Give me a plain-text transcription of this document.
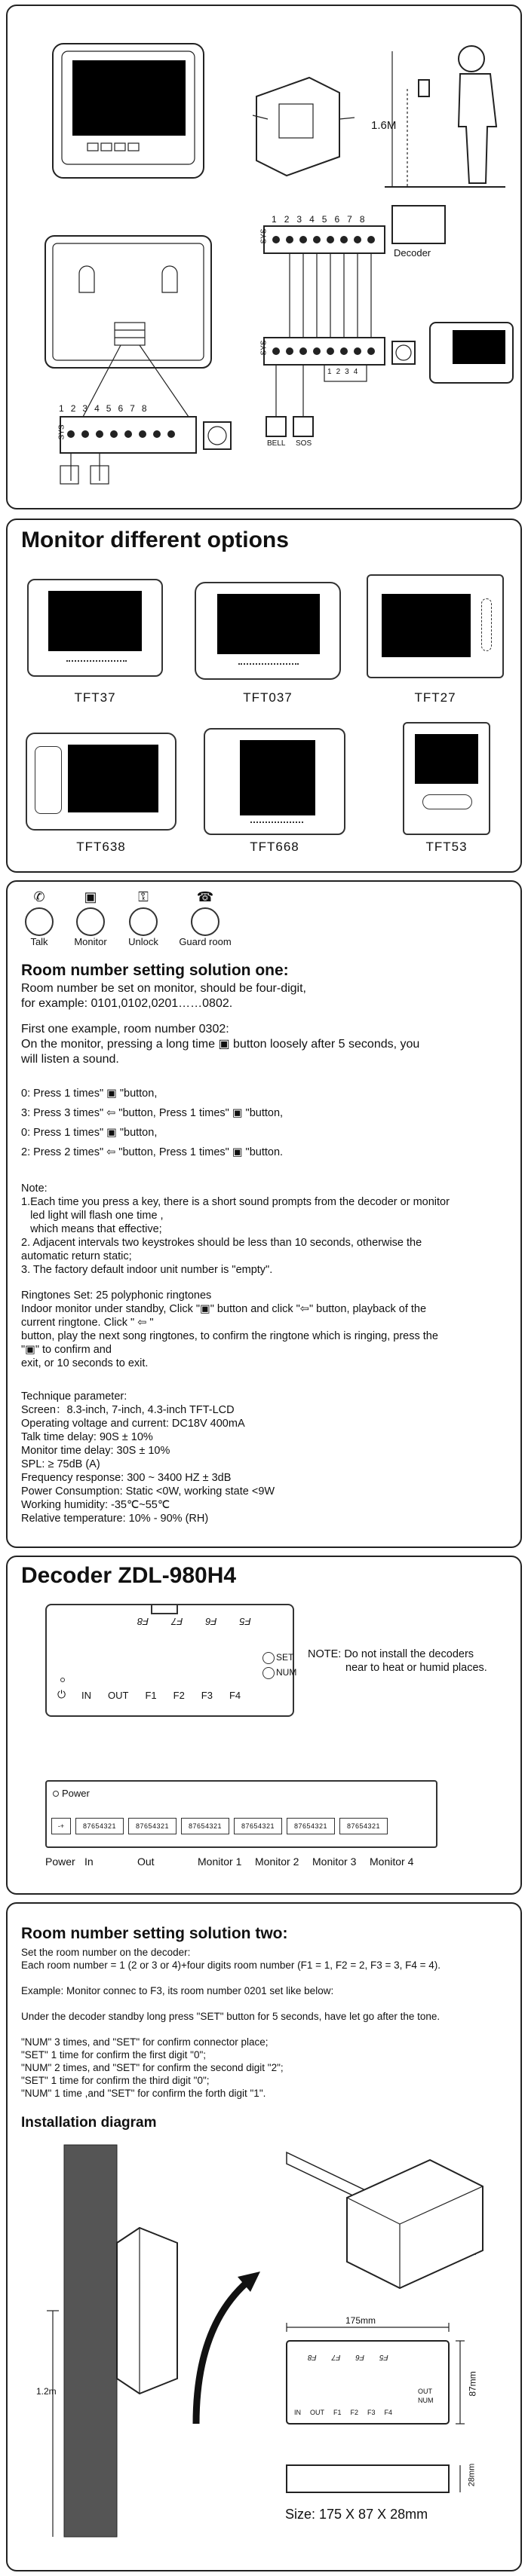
1.6M
Decoder
1 2 3 4 5 6 7 8
SYS
1 2 3 4 5 6 7 8
SYS
SYS
BELL SOS
1 2 3 4
Monitor different options
TFT37	TFT037	TFT27
TFT638	TFT668	TFT53
✆
Talk
▣
Monitor
⚿
Unlock
☎
Guard room
Room number setting solution one:
Room number be set on monitor, should be four-digit,
for example: 0101,0102,0201……0802.
First one example, room number 0302:
On the monitor, pressing a long time ▣ button loosely after 5 seconds, you
will listen a sound.
0: Press 1 times" ▣ "button,
3: Press 3 times" ⇦ "button, Press 1 times" ▣ "button,
0: Press 1 times" ▣ "button,
2: Press 2 times" ⇦ "button, Press 1 times" ▣ "button.
Note:
1.Each time you press a key, there is a short sound prompts from the decoder or monitor
led light will flash one time ,
which means that effective;
2. Adjacent intervals two keystrokes should be less than 10 seconds, otherwise the
automatic return static;
3. The factory default indoor unit number is "empty".
Ringtones Set: 25 polyphonic ringtones
Indoor monitor under standby, Click "▣" button and click "⇦" button, playback of the
current ringtone. Click " ⇦ "
button, play the next song ringtones, to confirm the ringtone which is ringing, press the
"▣" to confirm and
exit, or 10 seconds to exit.
Technique parameter:
Screen：8.3-inch, 7-inch, 4.3-inch TFT-LCD
Operating voltage and current: DC18V 400mA
Talk time delay: 90S ± 10%
Monitor time delay: 30S ± 10%
SPL: ≥ 75dB (A)
Frequency response: 300 ~ 3400 HZ ± 3dB
Power Consumption: Static <0W, working state <9W
Working humidity: -35℃~55℃
Relative temperature: 10% - 90% (RH)
Decoder ZDL-980H4
F5
F6
F7
F8
SET
NUM
⏻ IN OUT F1 F2 F3 F4
NOTE: Do not install the decoders
near to heat or humid places.
Power
-+	87654321	87654321	87654321	87654321	87654321	87654321
Power In	Out	Monitor 1 Monitor 2 Monitor 3 Monitor 4
Room number setting solution two:
Set the room number on the decoder:
Each room number = 1 (2 or 3 or 4)+four digits room number (F1 = 1, F2 = 2, F3 = 3, F4 = 4).
Example: Monitor connec to F3, its room number 0201 set like below:
Under the decoder standby long press "SET" button for 5 seconds, have let go after the tone.
"NUM" 3 times, and "SET" for confirm connector place;
"SET" 1 time for confirm the first digit "0";
"NUM" 2 times, and "SET" for confirm the second digit "2";
"SET" 1 time for confirm the third digit "0";
"NUM" 1 time ,and "SET" for confirm the forth digit "1".
Installation diagram
1.2m
175mm
87mm
28mm
F5
F6
F7
F8
OUT
NUM
IN OUT F1 F2 F3 F4
Size: 175 X 87 X 28mm
